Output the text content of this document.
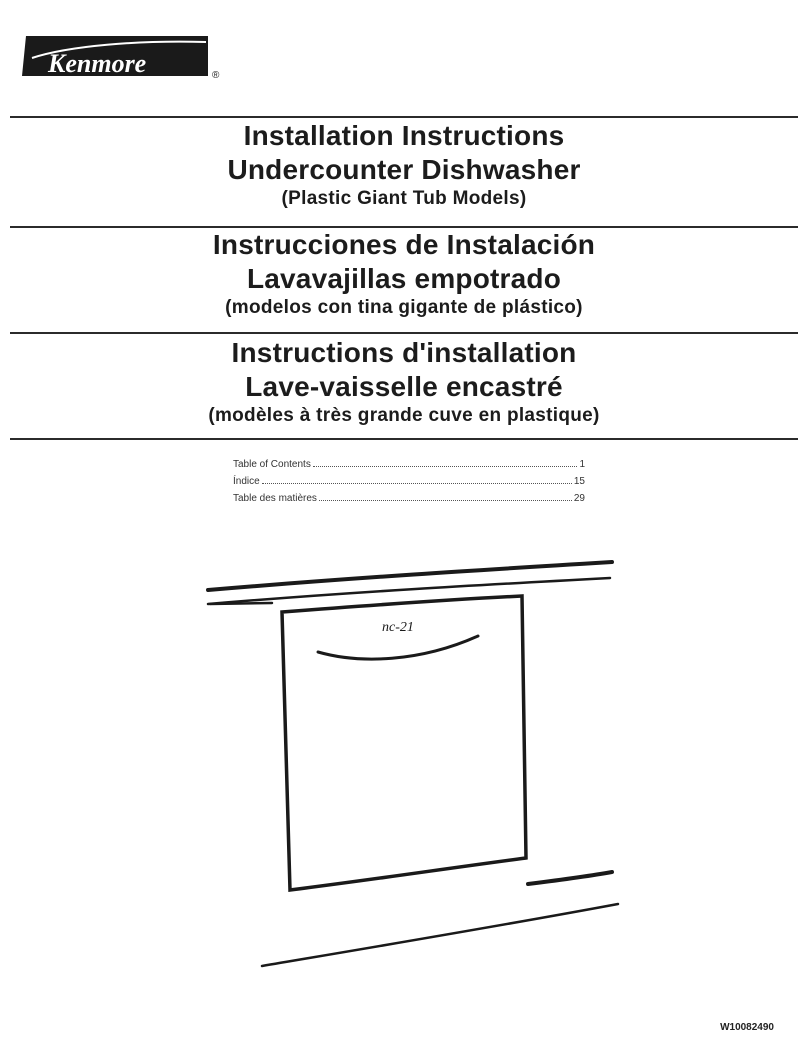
Kenmore	®

Installation Instructions

Undercounter Dishwasher

(Plastic Giant Tub Models)

Instrucciones de Instalación

Lavavajillas empotrado

(modelos con tina gigante de plástico)

Instructions d'installation

Lave-vaisselle encastré

(modèles à très grande cuve en plastique)

Table of Contents	1
Índice	15
Table des matières	29
nc-21
W10082490
